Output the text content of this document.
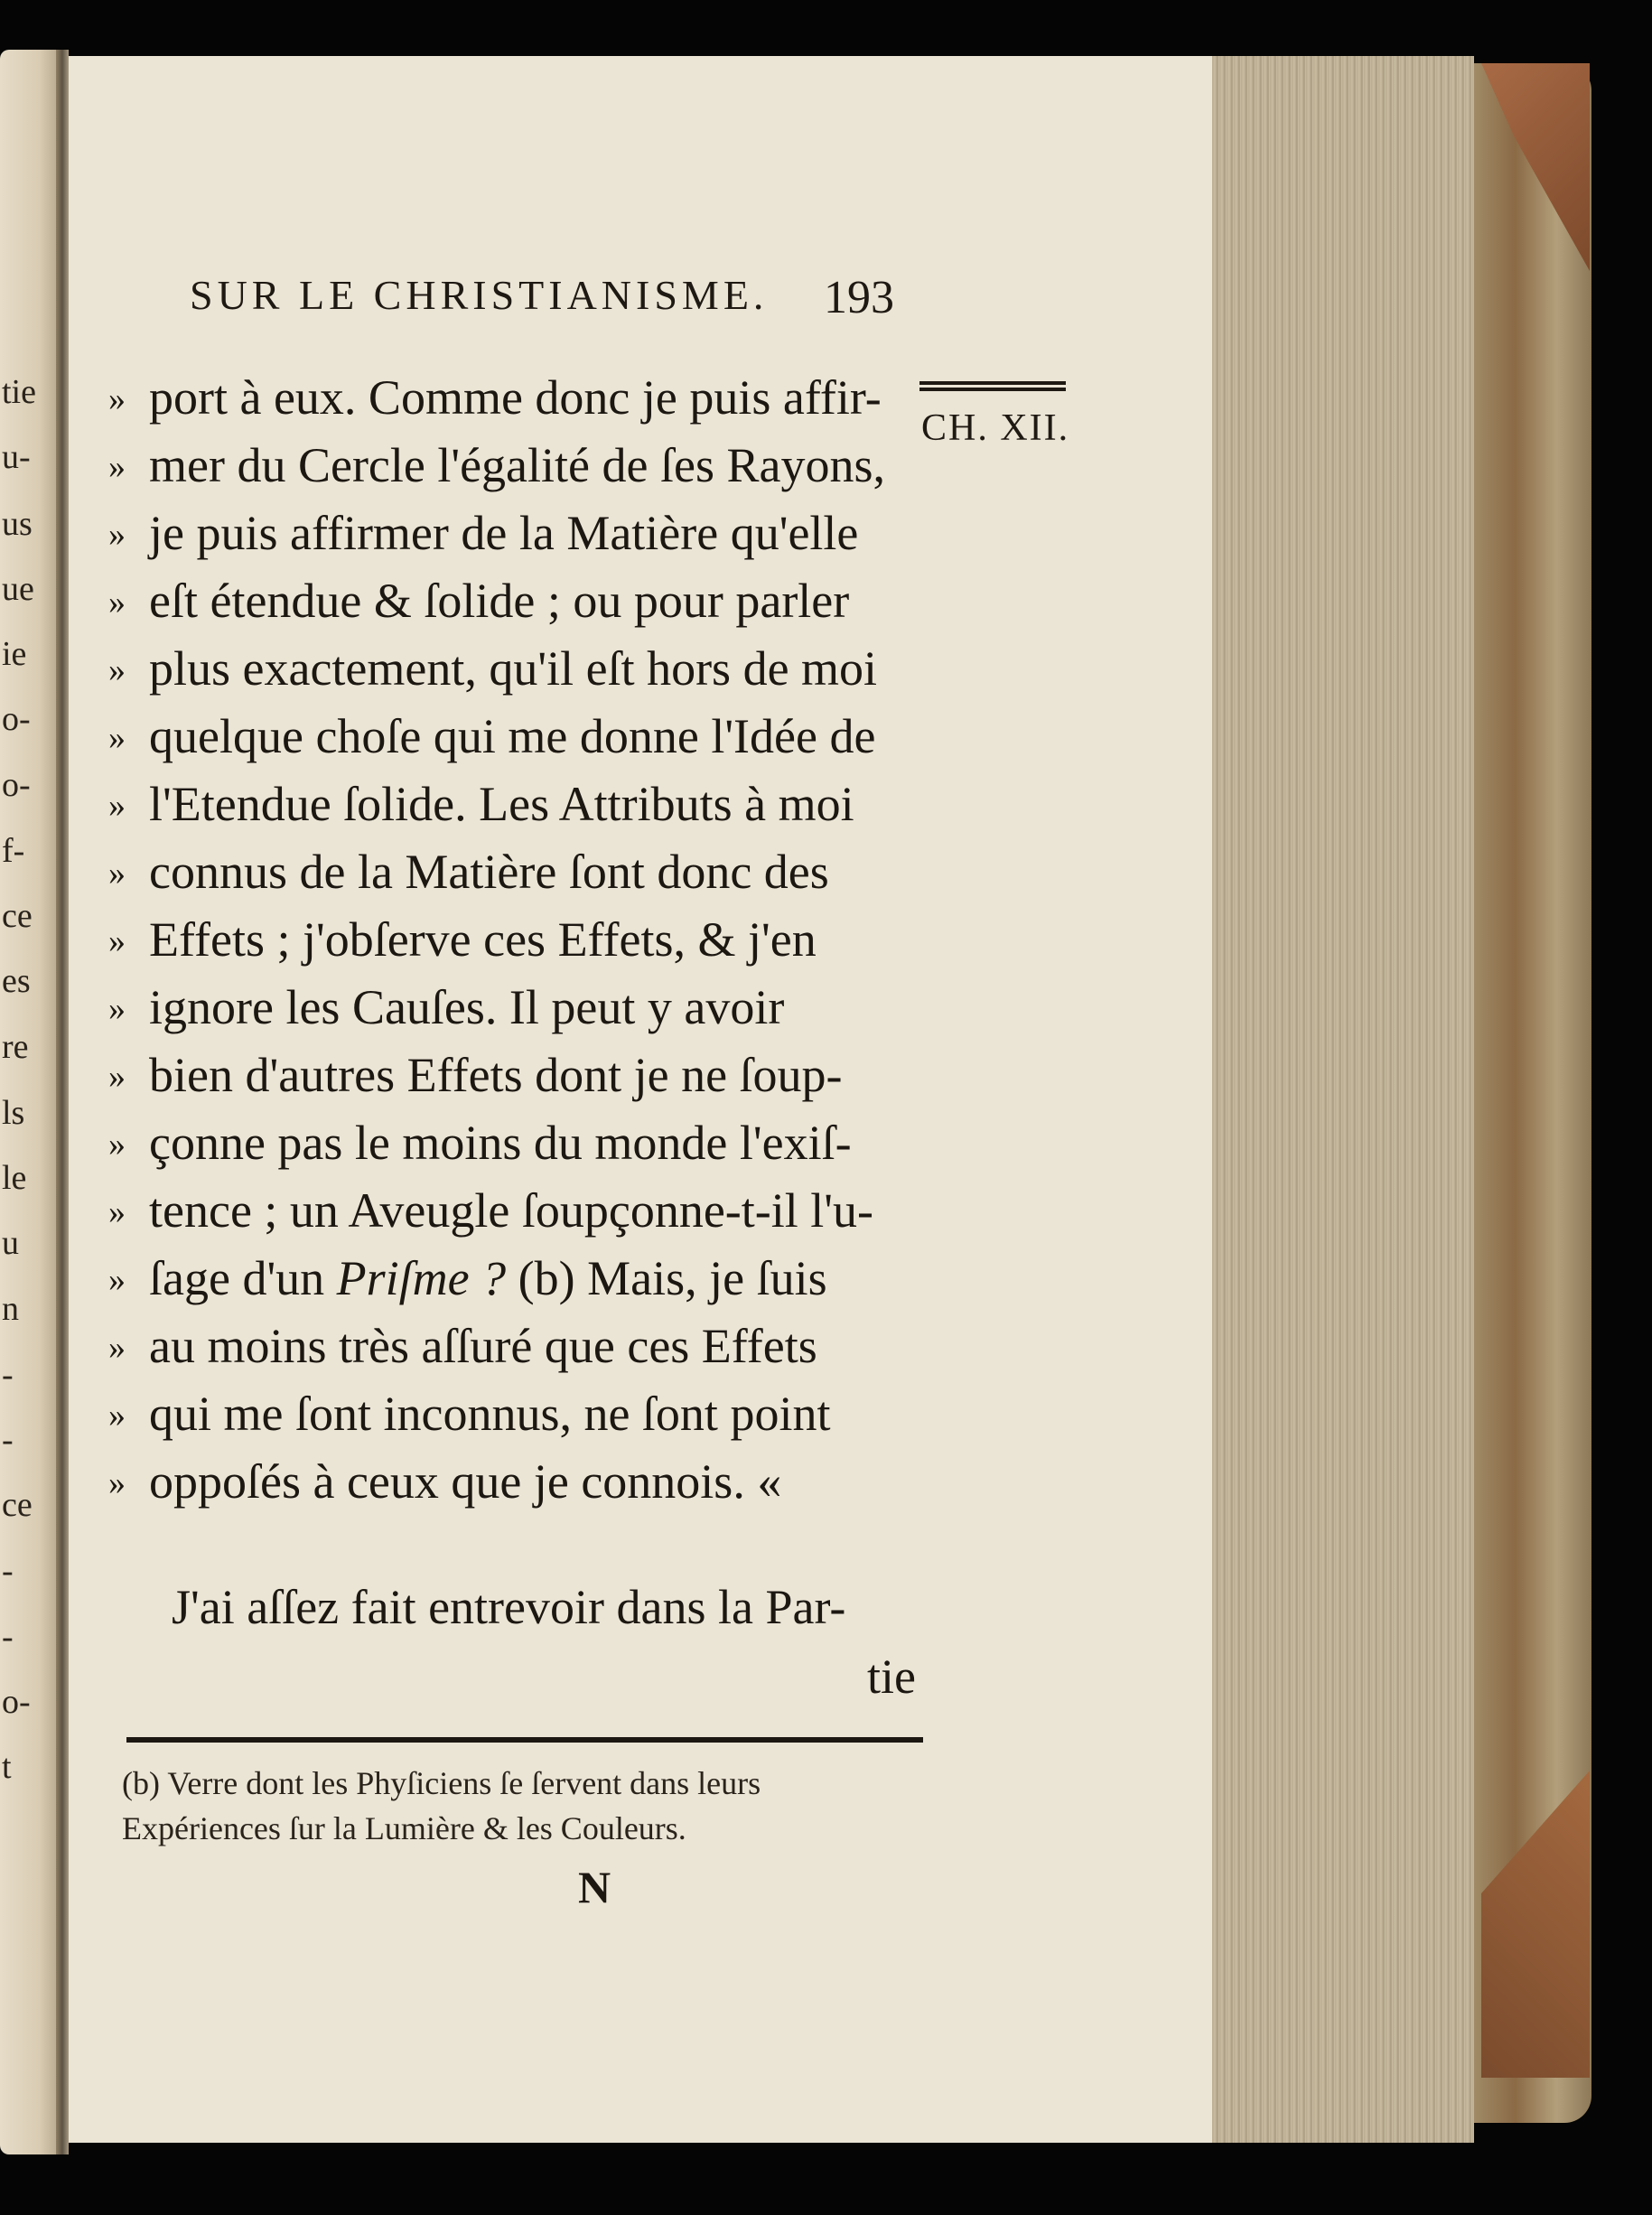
tie
u-
us
ue
ie
o-
o-
f-
ce
es
re
ls
le
u
n
-
-
ce
-
-
o-
t
SUR LE CHRISTIANISME.	193
CH. XII.
» port à eux. Comme donc je puis affir-
» mer du Cercle l'égalité de ſes Rayons,
» je puis affirmer de la Matière qu'elle
» eſt étendue & ſolide ; ou pour parler
» plus exactement, qu'il eſt hors de moi
» quelque choſe qui me donne l'Idée de
» l'Etendue ſolide. Les Attributs à moi
» connus de la Matière ſont donc des
» Effets ; j'obſerve ces Effets, & j'en
» ignore les Cauſes. Il peut y avoir
» bien d'autres Effets dont je ne ſoup-
» çonne pas le moins du monde l'exiſ-
» tence ; un Aveugle ſoupçonne-t-il l'u-
» ſage d'un Priſme ? (b) Mais, je ſuis
» au moins très aſſuré que ces Effets
» qui me ſont inconnus, ne ſont point
» oppoſés à ceux que je connois. «
J'ai aſſez fait entrevoir dans la Par-
tie
(b) Verre dont les Phyſiciens ſe ſervent dans leurs
Expériences ſur la Lumière & les Couleurs.
N
